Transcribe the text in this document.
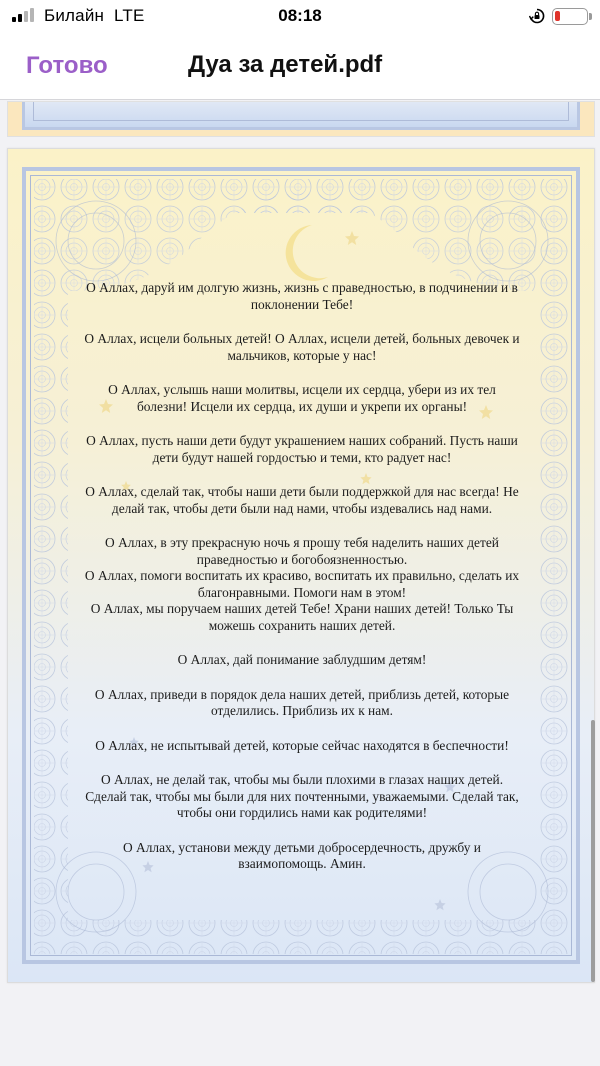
Билайн LTE	08:18
Готово	Дуа за детей.pdf

О Аллах, даруй им долгую жизнь, жизнь с праведностью, в подчинении и в поклонении Тебе!

О Аллах, исцели больных детей! О Аллах, исцели детей, больных девочек и мальчиков, которые у нас!

О Аллах, услышь наши молитвы, исцели их сердца, убери из их тел болезни! Исцели их сердца, их души и укрепи их органы!

О Аллах, пусть наши дети будут украшением наших собраний. Пусть наши дети будут нашей гордостью и теми, кто радует нас!

О Аллах, сделай так, чтобы наши дети были поддержкой для нас всегда! Не делай так, чтобы дети были над нами, чтобы издевались над нами.

О Аллах, в эту прекрасную ночь я прошу тебя наделить наших детей праведностью и богобоязненностью.

О Аллах, помоги воспитать их красиво, воспитать их правильно, сделать их благонравными. Помоги нам в этом!

О Аллах, мы поручаем наших детей Тебе! Храни наших детей! Только Ты можешь сохранить наших детей.

О Аллах, дай понимание заблудшим детям!

О Аллах, приведи в порядок дела наших детей, приблизь детей, которые отделились. Приблизь их к нам.

О Аллах, не испытывай детей, которые сейчас находятся в беспечности!

О Аллах, не делай так, чтобы мы были плохими в глазах наших детей. Сделай так, чтобы мы были для них почтенными, уважаемыми. Сделай так, чтобы они гордились нами как родителями!

О Аллах, установи между детьми добросердечность, дружбу и взаимопомощь. Амин.
